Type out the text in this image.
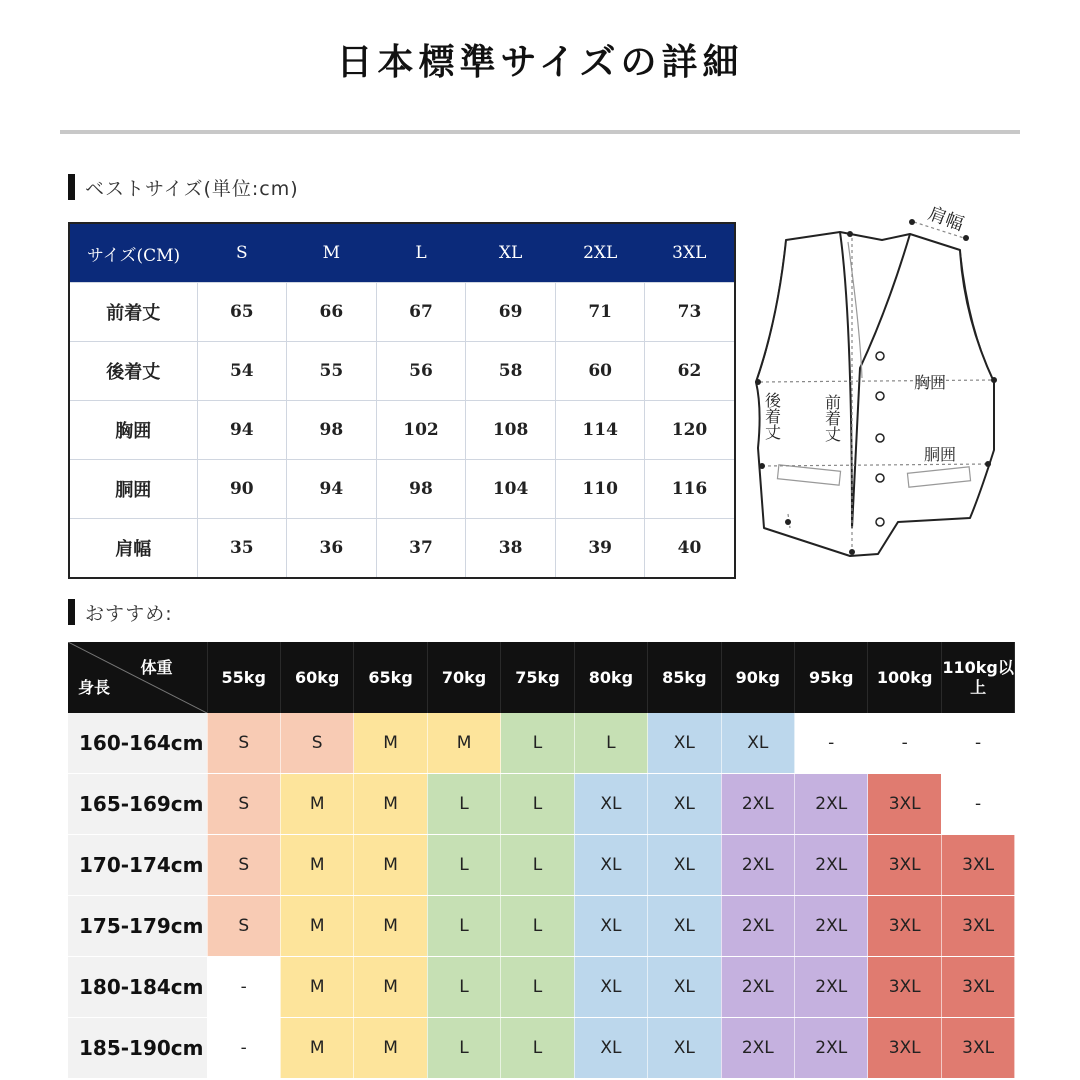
日本標準サイズの詳細
ベストサイズ(単位:cm)
サイズ(CM)	S	M	L	XL	2XL	3XL
前着丈	65	66	67	69	71	73
後着丈	54	55	56	58	60	62
胸囲	94	98	102	108	114	120
胴囲	90	94	98	104	110	116
肩幅	35	36	37	38	39	40
肩幅
胸囲
胴囲
前着丈
後着丈
おすすめ:
体重
身長	55kg	60kg	65kg	70kg	75kg	80kg	85kg	90kg	95kg	100kg	110kg以上
160-164cm	S	S	M	M	L	L	XL	XL	-	-	-
165-169cm	S	M	M	L	L	XL	XL	2XL	2XL	3XL	-
170-174cm	S	M	M	L	L	XL	XL	2XL	2XL	3XL	3XL
175-179cm	S	M	M	L	L	XL	XL	2XL	2XL	3XL	3XL
180-184cm	-	M	M	L	L	XL	XL	2XL	2XL	3XL	3XL
185-190cm	-	M	M	L	L	XL	XL	2XL	2XL	3XL	3XL
